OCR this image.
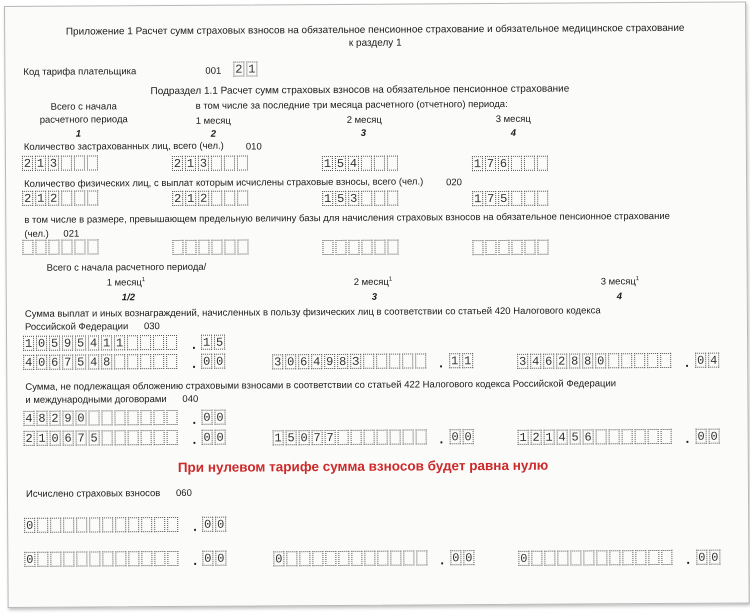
Приложение 1 Расчет сумм страховых взносов на обязательное пенсионное страхование и обязательное медицинское страхование
к разделу 1
Код тарифа плательщика	001 2 1
Подраздел 1.1 Расчет сумм страховых взносов на обязательное пенсионное страхование
Всего с начала
расчетного периода
в том числе за последние три месяца расчетного (отчетного) периода:
1 месяц	2 месяц	3 месяц
1	2	3	4
Количество застрахованных лиц, всего (чел.) 010
2 1 3	2 1 3	1 5 4	1 7 6
Количество физических лиц, с выплат которым исчислены страховые взносы, всего (чел.) 020
2 1 2	2 1 2	1 5 3	1 7 5
в том числе в размере, превышающем предельную величину базы для начисления страховых взносов на обязательное пенсионное страхование
(чел.) 021
Всего с начала расчетного периода/
1 месяц$^1$	2 месяц$^1$	3 месяц$^1$
1/2	3	4
Сумма выплат и иных вознаграждений, начисленных в пользу физических лиц в соответствии со статьей 420 Налогового кодекса
Российской Федерации 030
1 0 5 9 5 4 1 1	. 1 5
4 0 6 7 5 4 8	. 0 0	3 0 6 4 9 8 З	. 1 1	3 4 6 2 8 8 0	. 0 4
Сумма, не подлежащая обложению страховыми взносами в соответствии со статьей 422 Налогового кодекса Российской Федерации
и международными договорами 040
4 8 2 9 0	. 0 0
2 1 0 6 7 5	. 0 0	1 5 0 7 7	. 0 0	1 2 1 4 5 6	. 0 0
При нулевом тарифе сумма взносов будет равна нулю
Исчислено страховых взносов 060
0	. 0 0
0	. 0 0	0	. 0 0	0	. 0 0
